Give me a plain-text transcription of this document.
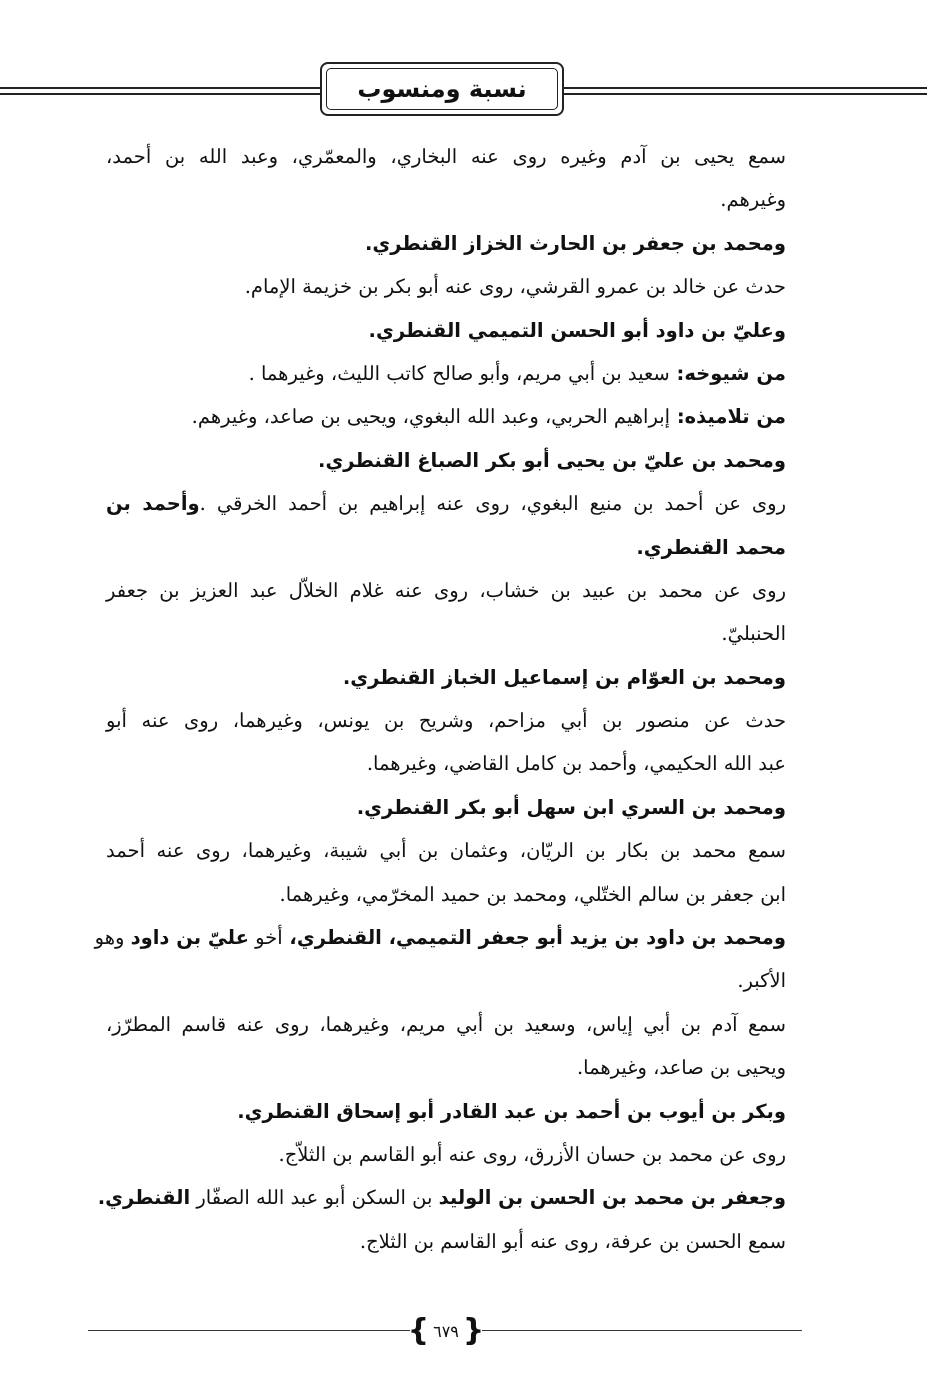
نسبة ومنسوب
سمع يحيى بن آدم وغيره روى عنه البخاري، والمعمّري، وعبد الله بن أحمد،
وغيرهم.
ومحمد بن جعفر بن الحارث الخزاز القنطري.
حدث عن خالد بن عمرو القرشي، روى عنه أبو بكر بن خزيمة الإمام.
وعليّ بن داود أبو الحسن التميمي القنطري.
من شيوخه: سعيد بن أبي مريم، وأبو صالح كاتب الليث، وغيرهما .
من تلاميذه: إبراهيم الحربي، وعبد الله البغوي، ويحيى بن صاعد، وغيرهم.
ومحمد بن عليّ بن يحيى أبو بكر الصباغ القنطري.
روى عن أحمد بن منيع البغوي، روى عنه إبراهيم بن أحمد الخرقي .وأحمد بن
محمد القنطري.
روى عن محمد بن عبيد بن خشاب، روى عنه غلام الخلاّل عبد العزيز بن جعفر
الحنبليّ.
ومحمد بن العوّام بن إسماعيل الخباز القنطري.
حدث عن منصور بن أبي مزاحم، وشريح بن يونس، وغيرهما، روى عنه أبو
عبد الله الحكيمي، وأحمد بن كامل القاضي، وغيرهما.
ومحمد بن السري ابن سهل أبو بكر القنطري.
سمع محمد بن بكار بن الريّان، وعثمان بن أبي شيبة، وغيرهما، روى عنه أحمد
ابن جعفر بن سالم الختّلي، ومحمد بن حميد المخرّمي، وغيرهما.
ومحمد بن داود بن يزيد أبو جعفر التميمي، القنطري، أخو عليّ بن داود وهو
الأكبر.
سمع آدم بن أبي إياس، وسعيد بن أبي مريم، وغيرهما، روى عنه قاسم المطرّز،
ويحيى بن صاعد، وغيرهما.
وبكر بن أيوب بن أحمد بن عبد القادر أبو إسحاق القنطري.
روى عن محمد بن حسان الأزرق، روى عنه أبو القاسم بن الثلاّج.
وجعفر بن محمد بن الحسن بن الوليد بن السكن أبو عبد الله الصفّار القنطري.
سمع الحسن بن عرفة، روى عنه أبو القاسم بن الثلاج.
{
٦٧٩
}
